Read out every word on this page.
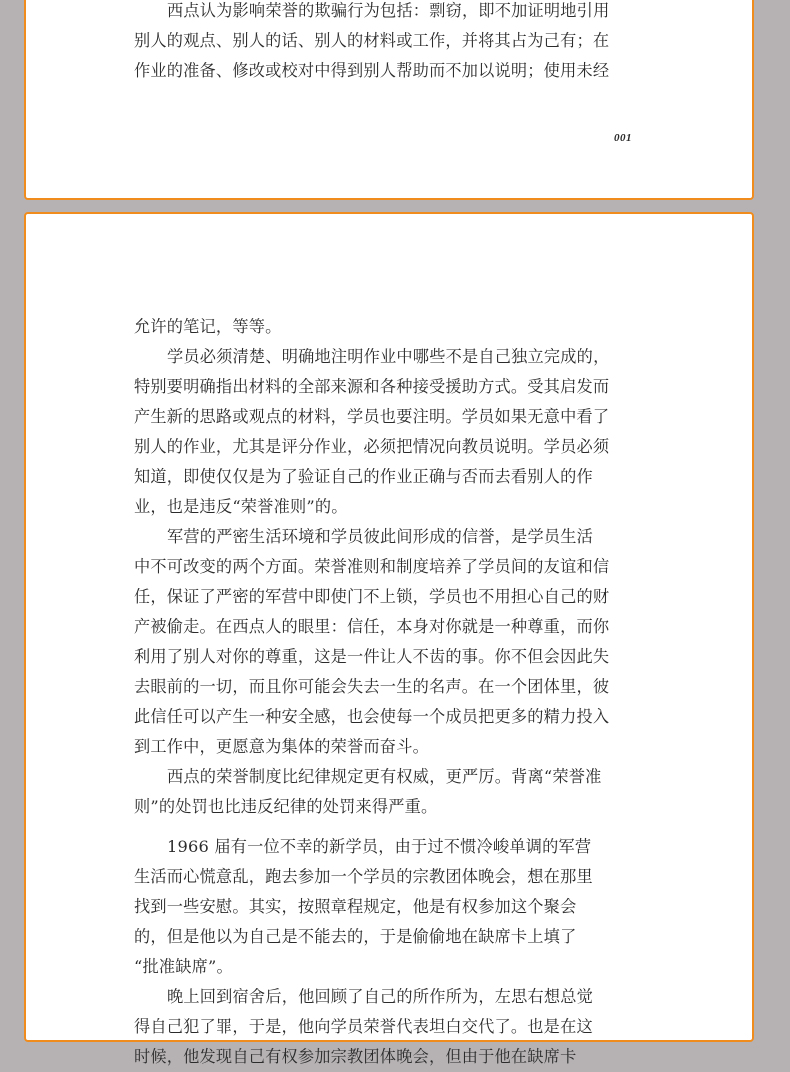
西点认为影响荣誉的欺骗行为包括：剽窃，即不加证明地引用
别人的观点、别人的话、别人的材料或工作，并将其占为己有；在
作业的准备、修改或校对中得到别人帮助而不加以说明；使用未经
001
允许的笔记，等等。
学员必须清楚、明确地注明作业中哪些不是自己独立完成的，
特别要明确指出材料的全部来源和各种接受援助方式。受其启发而
产生新的思路或观点的材料，学员也要注明。学员如果无意中看了
别人的作业，尤其是评分作业，必须把情况向教员说明。学员必须
知道，即使仅仅是为了验证自己的作业正确与否而去看别人的作
业，也是违反“荣誉准则”的。
军营的严密生活环境和学员彼此间形成的信誉，是学员生活
中不可改变的两个方面。荣誉准则和制度培养了学员间的友谊和信
任，保证了严密的军营中即使门不上锁，学员也不用担心自己的财
产被偷走。在西点人的眼里：信任，本身对你就是一种尊重，而你
利用了别人对你的尊重，这是一件让人不齿的事。你不但会因此失
去眼前的一切，而且你可能会失去一生的名声。在一个团体里，彼
此信任可以产生一种安全感，也会使每一个成员把更多的精力投入
到工作中，更愿意为集体的荣誉而奋斗。
西点的荣誉制度比纪律规定更有权威，更严厉。背离“荣誉准
则”的处罚也比违反纪律的处罚来得严重。
1966 届有一位不幸的新学员，由于过不惯冷峻单调的军营
生活而心慌意乱，跑去参加一个学员的宗教团体晚会，想在那里
找到一些安慰。其实，按照章程规定，他是有权参加这个聚会
的，但是他以为自己是不能去的，于是偷偷地在缺席卡上填了
“批准缺席”。
晚上回到宿舍后，他回顾了自己的所作所为，左思右想总觉
得自己犯了罪，于是，他向学员荣誉代表坦白交代了。也是在这
时候，他发现自己有权参加宗教团体晚会，但由于他在缺席卡
